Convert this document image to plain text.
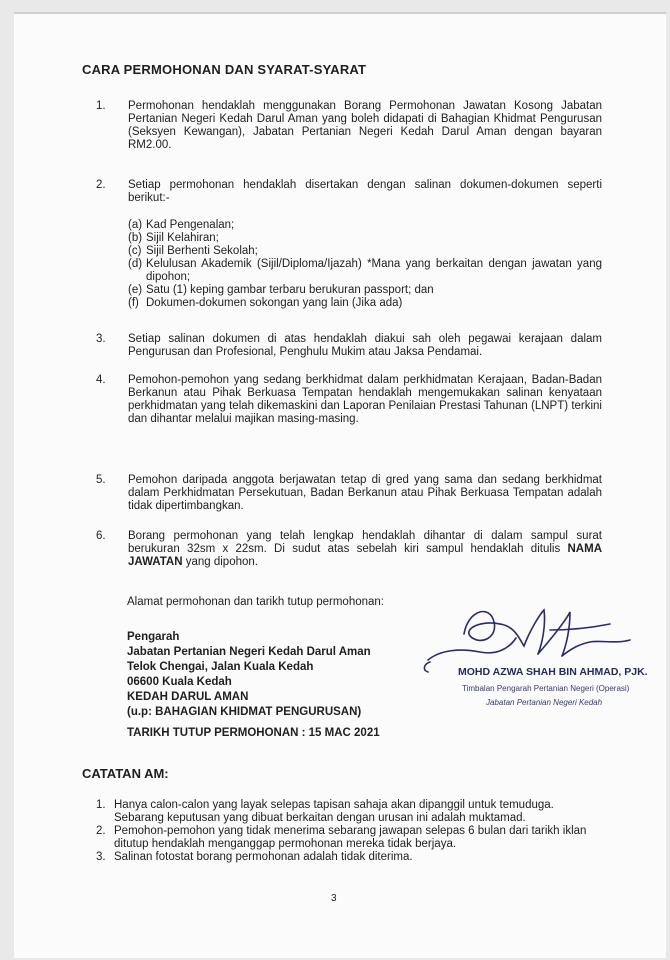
CARA PERMOHONAN DAN SYARAT-SYARAT
1. Permohonan hendaklah menggunakan Borang Permohonan Jawatan Kosong Jabatan Pertanian Negeri Kedah Darul Aman yang boleh didapati di Bahagian Khidmat Pengurusan (Seksyen Kewangan), Jabatan Pertanian Negeri Kedah Darul Aman dengan bayaran RM2.00.
2. Setiap permohonan hendaklah disertakan dengan salinan dokumen-dokumen seperti berikut:-
(a) Kad Pengenalan;
(b) Sijil Kelahiran;
(c) Sijil Berhenti Sekolah;
(d) Kelulusan Akademik (Sijil/Diploma/Ijazah) *Mana yang berkaitan dengan jawatan yang dipohon;
(e) Satu (1) keping gambar terbaru berukuran passport; dan
(f) Dokumen-dokumen sokongan yang lain (Jika ada)
3. Setiap salinan dokumen di atas hendaklah diakui sah oleh pegawai kerajaan dalam Pengurusan dan Profesional, Penghulu Mukim atau Jaksa Pendamai.
4. Pemohon-pemohon yang sedang berkhidmat dalam perkhidmatan Kerajaan, Badan-Badan Berkanun atau Pihak Berkuasa Tempatan hendaklah mengemukakan salinan kenyataan perkhidmatan yang telah dikemaskini dan Laporan Penilaian Prestasi Tahunan (LNPT) terkini dan dihantar melalui majikan masing-masing.
5. Pemohon daripada anggota berjawatan tetap di gred yang sama dan sedang berkhidmat dalam Perkhidmatan Persekutuan, Badan Berkanun atau Pihak Berkuasa Tempatan adalah tidak dipertimbangkan.
6. Borang permohonan yang telah lengkap hendaklah dihantar di dalam sampul surat berukuran 32sm x 22sm. Di sudut atas sebelah kiri sampul hendaklah ditulis NAMA JAWATAN yang dipohon.
Alamat permohonan dan tarikh tutup permohonan:
Pengarah
Jabatan Pertanian Negeri Kedah Darul Aman
Telok Chengai, Jalan Kuala Kedah
06600 Kuala Kedah
KEDAH DARUL AMAN
(u.p: BAHAGIAN KHIDMAT PENGURUSAN)
MOHD AZWA SHAH BIN AHMAD, PJK.
Timbalan Pengarah Pertanian Negeri (Operasi)
Jabatan Pertanian Negeri Kedah
TARIKH TUTUP PERMOHONAN : 15 MAC 2021
CATATAN AM:
1. Hanya calon-calon yang layak selepas tapisan sahaja akan dipanggil untuk temuduga. Sebarang keputusan yang dibuat berkaitan dengan urusan ini adalah muktamad.
2. Pemohon-pemohon yang tidak menerima sebarang jawapan selepas 6 bulan dari tarikh iklan ditutup hendaklah menganggap permohonan mereka tidak berjaya.
3. Salinan fotostat borang permohonan adalah tidak diterima.
3
